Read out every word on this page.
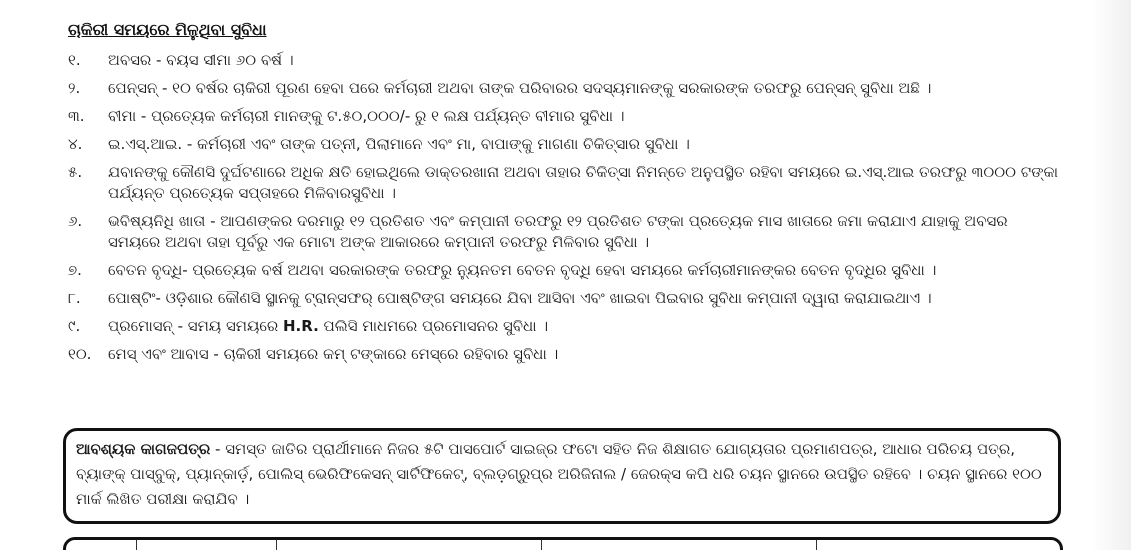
ଚାକିରୀ ସମୟରେ ମିଳୁଥିବା ସୁବିଧା
୧.	ଅବସର - ବୟସ ସୀମା ୬୦ ବର୍ଷ ।
୨.	ପେନ୍‌ସନ୍ - ୧୦ ବର୍ଷର ଚାକିରୀ ପୂରଣ ହେବା ପରେ କର୍ମଚାରୀ ଅଥବା ତାଙ୍କ ପରିବାରର ସଦସ୍ୟମାନଙ୍କୁ ସରକାରଙ୍କ ତରଫରୁ ପେନ୍‌ସନ୍ ସୁବିଧା ଅଛି ।
୩.	ବୀମା - ପ୍ରତ୍ୟେକ କର୍ମଚାରୀ ମାନଙ୍କୁ ଟ.୫୦,୦୦୦/- ରୁ ୧ ଲକ୍ଷ ପର୍ଯ୍ୟନ୍ତ ବୀମାର ସୁବିଧା ।
୪.	ଇ.ଏସ୍.ଆଇ. - କର୍ମଚାରୀ ଏବଂ ତାଙ୍କ ପତ୍ନୀ, ପିଲାମାନେ ଏବଂ ମା, ବାପାଙ୍କୁ ମାଗଣା ଚିକିତ୍ସାର ସୁବିଧା ।
୫.	ଯବାନଙ୍କୁ କୌଣସି ଦୁର୍ଘଟଣାରେ ଅଧିକ କ୍ଷତି ହୋଇଥିଲେ ଡାକ୍ତରଖାନା ଅଥବା ତାହାର ଚିକିତ୍ସା ନିମନ୍ତେ ଅନୁପସ୍ଥିତ ରହିବା ସମୟରେ ଇ.ଏସ୍.ଆଇ ତରଫରୁ ୩୦୦୦ ଟଙ୍କା ପର୍ଯ୍ୟନ୍ତ ପ୍ରତ୍ୟେକ ସପ୍ତାହରେ ମିଳିବାରସୁବିଧା ।
୬.	ଭବିଷ୍ୟନିଧି ଖାତା - ଆପଣଙ୍କର ଦରମାରୁ ୧୨ ପ୍ରତିଶତ ଏବଂ କମ୍ପାନୀ ତରଫରୁ ୧୨ ପ୍ରତିଶତ ଟଙ୍କା ପ୍ରତ୍ୟେକ ମାସ ଖାତାରେ ଜମା କରାଯାଏ ଯାହାକୁ ଅବସର ସମୟରେ ଅଥବା ତାହା ପୂର୍ବରୁ ଏକ ମୋଟା ଅଙ୍କ ଆକାରରେ କମ୍ପାନୀ ତରଫରୁ ମିଳିବାର ସୁବିଧା ।
୭.	ବେତନ ବୃଦ୍ଧି- ପ୍ରତ୍ୟେକ ବର୍ଷ ଅଥବା ସରକାରଙ୍କ ତରଫରୁ ନ୍ୟୁନତମ ବେତନ ବୃଦ୍ଧି ହେବା ସମୟରେ କର୍ମଚାରୀମାନଙ୍କର ବେତନ ବୃଦ୍ଧିର ସୁବିଧା ।
୮.	ପୋଷ୍ଟିଂ- ଓଡ଼ିଶାର କୌଣସି ସ୍ଥାନକୁ ଟ୍ରାନ୍ସଫର୍ ପୋଷ୍ଟିଙ୍ଗ ସମୟରେ ଯିବା ଆସିବା ଏବଂ ଖାଇବା ପିଇବାର ସୁବିଧା କମ୍ପାନୀ ଦ୍ୱାରା କରାଯାଇଥାଏ ।
୯.	ପ୍ରମୋସନ୍ - ସମୟ ସମୟରେ H.R. ପଲିସି ମାଧମରେ ପ୍ରମୋସନର ସୁବିଧା ।
୧୦.	ମେସ୍ ଏବଂ ଆବାସ - ଚାକିରୀ ସମୟରେ କମ୍ ଟଙ୍କାରେ ମେସ୍‌ରେ ରହିବାର ସୁବିଧା ।
ଆବଶ୍ୟକ କାଗଜପତ୍ର - ସମସ୍ତ ଜାତିର ପ୍ରାର୍ଥୀମାନେ ନିଜର ୫ଟି ପାସପୋର୍ଟ ସାଇଜ୍‌ର ଫଟୋ ସହିତ ନିଜ ଶିକ୍ଷାଗତ ଯୋଗ୍ୟତାର ପ୍ରମାଣପତ୍ର, ଆଧାର ପରିଚୟ ପତ୍ର, ବ୍ୟାଙ୍କ୍ ପାସ୍‌ବୁକ୍, ପ୍ୟାନ୍‌କାର୍ଡ଼, ପୋଲିସ୍ ଭେରିଫିକେସନ୍ ସାର୍ଟିଫିକେଟ୍, ବ୍ଲଡ଼ଗ୍ରୁପ୍‌ର ଅରିଜିନାଲ / ଜେରକ୍ସ କପି ଧରି ଚୟନ ସ୍ଥାନରେ ଉପସ୍ଥିତ ରହିବେ । ଚୟନ ସ୍ଥାନରେ ୧୦୦ ମାର୍କ ଲିଖିତ ପରୀକ୍ଷା କରାଯିବ ।
